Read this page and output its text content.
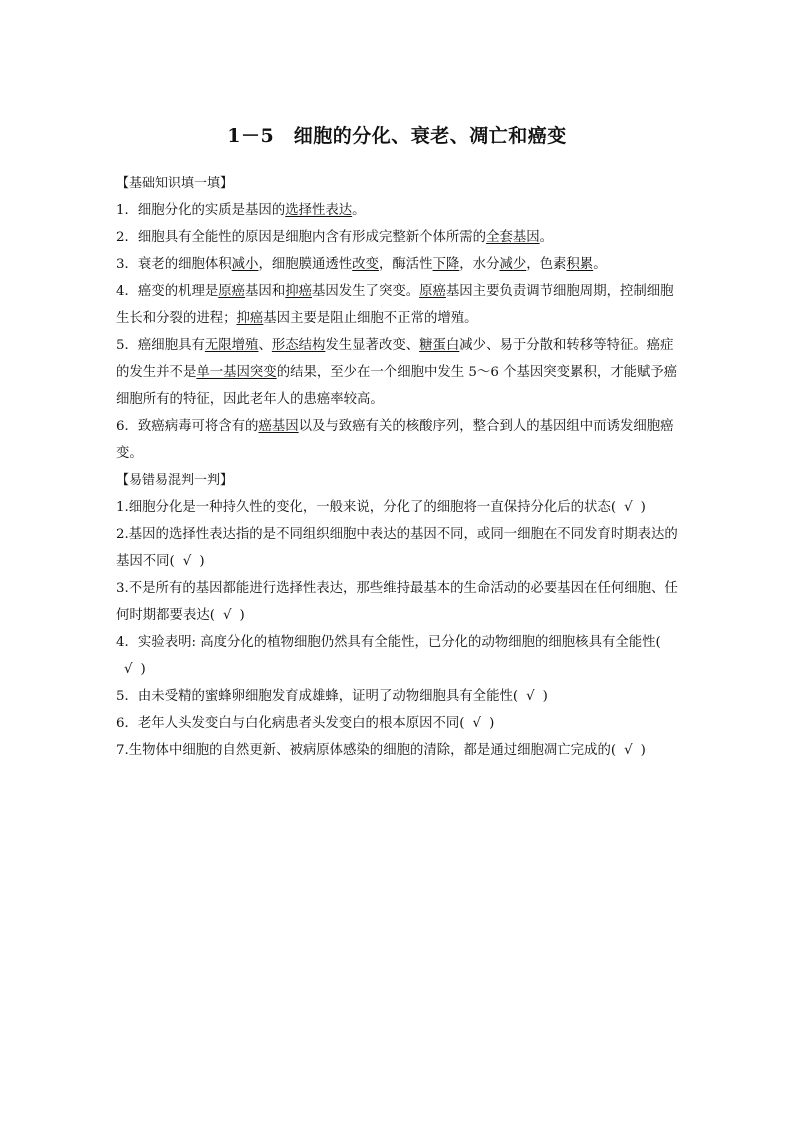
1－5　细胞的分化、衰老、凋亡和癌变
【基础知识填一填】
1．细胞分化的实质是基因的选择性表达。
2．细胞具有全能性的原因是细胞内含有形成完整新个体所需的全套基因。
3．衰老的细胞体积减小，细胞膜通透性改变，酶活性下降，水分减少，色素积累。
4．癌变的机理是原癌基因和抑癌基因发生了突变。原癌基因主要负责调节细胞周期，控制细胞生长和分裂的进程；抑癌基因主要是阻止细胞不正常的增殖。
5．癌细胞具有无限增殖、形态结构发生显著改变、糖蛋白减少、易于分散和转移等特征。癌症的发生并不是单一基因突变的结果，至少在一个细胞中发生 5～6 个基因突变累积，才能赋予癌细胞所有的特征，因此老年人的患癌率较高。
6．致癌病毒可将含有的癌基因以及与致癌有关的核酸序列，整合到人的基因组中而诱发细胞癌变。
【易错易混判一判】
1.细胞分化是一种持久性的变化，一般来说，分化了的细胞将一直保持分化后的状态( √ )
2.基因的选择性表达指的是不同组织细胞中表达的基因不同，或同一细胞在不同发育时期表达的基因不同( √ )
3.不是所有的基因都能进行选择性表达，那些维持最基本的生命活动的必要基因在任何细胞、任何时期都要表达( √ )
4．实验表明: 高度分化的植物细胞仍然具有全能性，已分化的动物细胞的细胞核具有全能性(√ )
5．由未受精的蜜蜂卵细胞发育成雄蜂，证明了动物细胞具有全能性( √ )
6．老年人头发变白与白化病患者头发变白的根本原因不同( √ )
7.生物体中细胞的自然更新、被病原体感染的细胞的清除，都是通过细胞凋亡完成的( √ )
